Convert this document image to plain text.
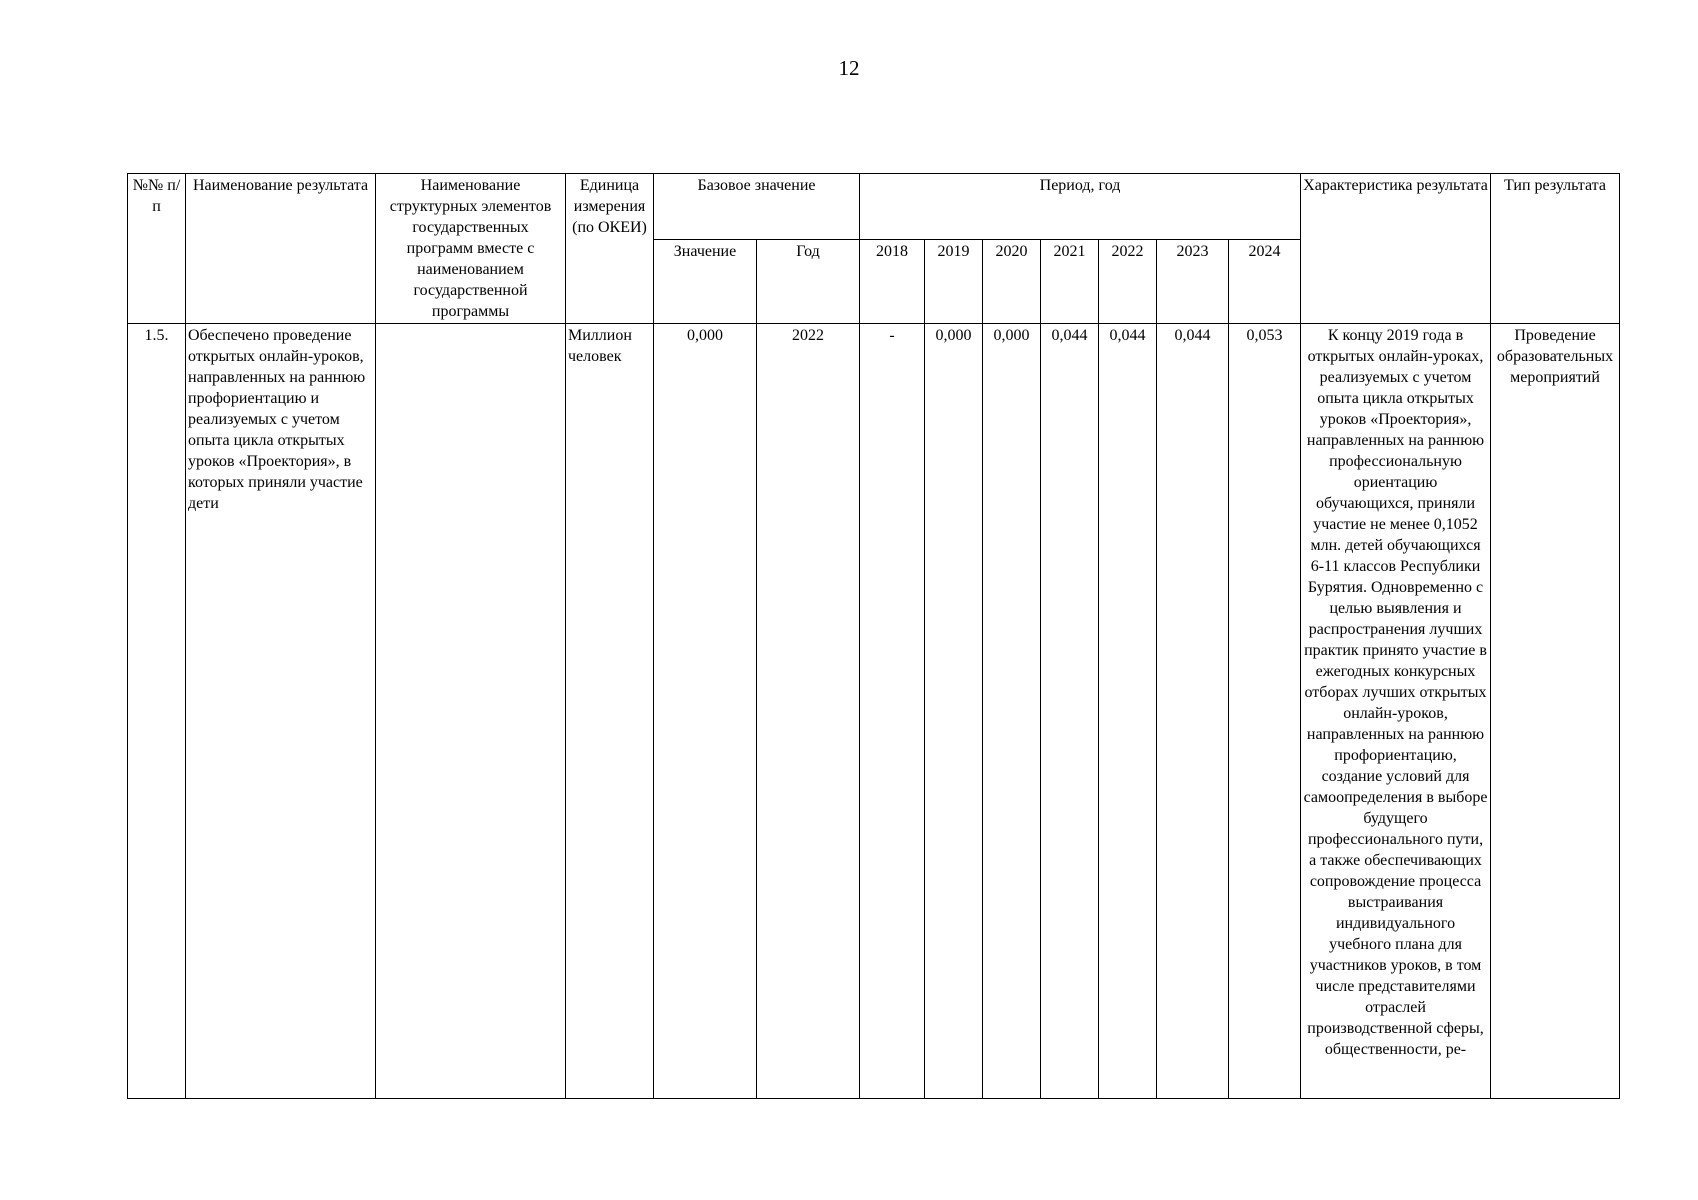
12
№№ п/п	Наименование результата	Наименование структурных элементов государственных программ вместе с наименованием государственной программы	Единица измерения (по ОКЕИ)	Базовое значение		Период, год							Характеристика результата	Тип результата
				Значение	Год	2018	2019	2020	2021	2022	2023	2024		
1.5.	Обеспечено проведение открытых онлайн-уроков, направленных на раннюю профориентацию и реализуемых с учетом опыта цикла открытых уроков «Проектория», в которых приняли участие дети		Миллион человек	0,000	2022	-	0,000	0,000	0,044	0,044	0,044	0,053	К концу 2019 года в открытых онлайн-уроках, реализуемых с учетом опыта цикла открытых уроков «Проектория», направленных на раннюю профессиональную ориентацию обучающихся, приняли участие не менее 0,1052 млн. детей обучающихся 6-11 классов Республики Бурятия. Одновременно с целью выявления и распространения лучших практик принято участие в ежегодных конкурсных отборах лучших открытых онлайн-уроков, направленных на раннюю профориентацию, создание условий для самоопределения в выборе будущего профессионального пути, а также обеспечивающих сопровождение процесса выстраивания индивидуального учебного плана для участников уроков, в том числе представителями отраслей производственной сферы, общественности, ре-	Проведение образовательных мероприятий
